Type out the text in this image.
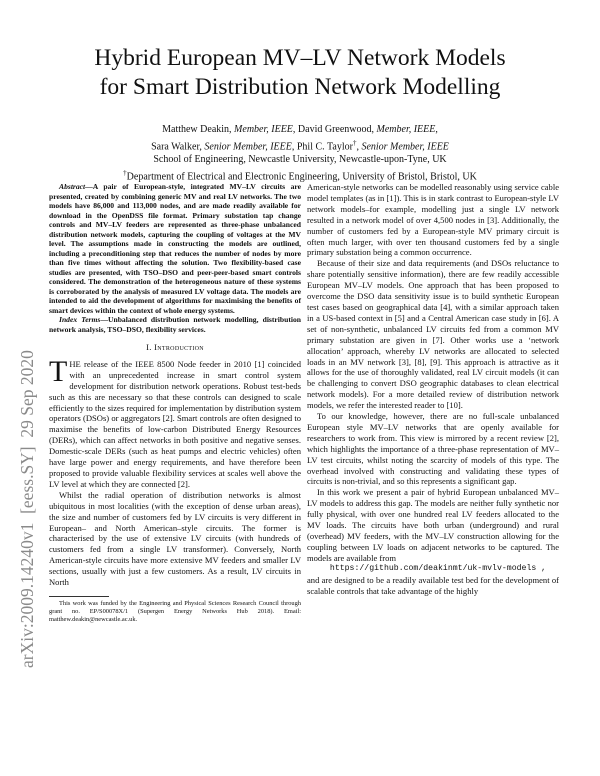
arXiv:2009.14240v1  [eess.SY]  29 Sep 2020
Hybrid European MV–LV Network Models
for Smart Distribution Network Modelling
Matthew Deakin, Member, IEEE, David Greenwood, Member, IEEE,
Sara Walker, Senior Member, IEEE, Phil C. Taylor†, Senior Member, IEEE
School of Engineering, Newcastle University, Newcastle-upon-Tyne, UK
†Department of Electrical and Electronic Engineering, University of Bristol, Bristol, UK

Abstract—A pair of European-style, integrated MV–LV circuits are presented, created by combining generic MV and real LV networks. The two models have 86,000 and 113,000 nodes, and are made readily available for download in the OpenDSS file format. Primary substation tap change controls and MV–LV feeders are represented as three-phase unbalanced distribution network models, capturing the coupling of voltages at the MV level. The assumptions made in constructing the models are outlined, including a preconditioning step that reduces the number of nodes by more than five times without affecting the solution. Two flexibility-based case studies are presented, with TSO–DSO and peer-peer-based smart controls considered. The demonstration of the heterogeneous nature of these systems is corroborated by the analysis of measured LV voltage data. The models are intended to aid the development of algorithms for maximising the benefits of smart devices within the context of whole energy systems.

Index Terms—Unbalanced distribution network modelling, distribution network analysis, TSO–DSO, flexibility services.

I. Introduction

THE release of the IEEE 8500 Node feeder in 2010 [1] coincided with an unprecedented increase in smart control system development for distribution network operations. Robust test-beds such as this are necessary so that these controls can designed to scale efficiently to the sizes required for implementation by distribution system operators (DSOs) or aggregators [2]. Smart controls are often designed to maximise the benefits of low-carbon Distributed Energy Resources (DERs), which can affect networks in both positive and negative senses. Domestic-scale DERs (such as heat pumps and electric vehicles) often have large power and energy requirements, and have therefore been proposed to provide valuable flexibility services at scales well above the LV level at which they are connected [2].

Whilst the radial operation of distribution networks is almost ubiquitous in most localities (with the exception of dense urban areas), the size and number of customers fed by LV circuits is very different in European– and North American–style circuits. The former is characterised by the use of extensive LV circuits (with hundreds of customers fed from a single LV transformer). Conversely, North American-style circuits have more extensive MV feeders and smaller LV sections, usually with just a few customers. As a result, LV circuits in North

This work was funded by the Engineering and Physical Sciences Research Council through grant no. EP/S00078X/1 (Supergen Energy Networks Hub 2018). Email: matthew.deakin@newcastle.ac.uk.

American-style networks can be modelled reasonably using service cable model templates (as in [1]). This is in stark contrast to European-style LV network models–for example, modelling just a single LV network resulted in a network model of over 4,500 nodes in [3]. Additionally, the number of customers fed by a European-style MV primary circuit is often much larger, with over ten thousand customers fed by a single primary substation being a common occurrence.

Because of their size and data requirements (and DSOs reluctance to share potentially sensitive information), there are few readily accessible European MV–LV models. One approach that has been proposed to overcome the DSO data sensitivity issue is to build synthetic European test cases based on geographical data [4], with a similar approach taken in a US-based context in [5] and a Central American case study in [6]. A set of non-synthetic, unbalanced LV circuits fed from a common MV primary substation are given in [7]. Other works use a ‘network allocation’ approach, whereby LV networks are allocated to selected loads in an MV network [3], [8], [9]. This approach is attractive as it allows for the use of thoroughly validated, real LV circuit models (it can be challenging to convert DSO geographic databases to clean electrical network models). For a more detailed review of distribution network models, we refer the interested reader to [10].

To our knowledge, however, there are no full-scale unbalanced European style MV–LV networks that are openly available for researchers to work from. This view is mirrored by a recent review [2], which highlights the importance of a three-phase representation of MV–LV test circuits, whilst noting the scarcity of models of this type. The overhead involved with constructing and validating these types of circuits is non-trivial, and so this represents a significant gap.

In this work we present a pair of hybrid European unbalanced MV–LV models to address this gap. The models are neither fully synthetic nor fully physical, with over one hundred real LV feeders allocated to the MV loads. The circuits have both urban (underground) and rural (overhead) MV feeders, with the MV–LV construction allowing for the coupling between LV loads on adjacent networks to be captured. The models are available from

https://github.com/deakinmt/uk-mvlv-models ,

and are designed to be a readily available test bed for the development of scalable controls that take advantage of the highly
